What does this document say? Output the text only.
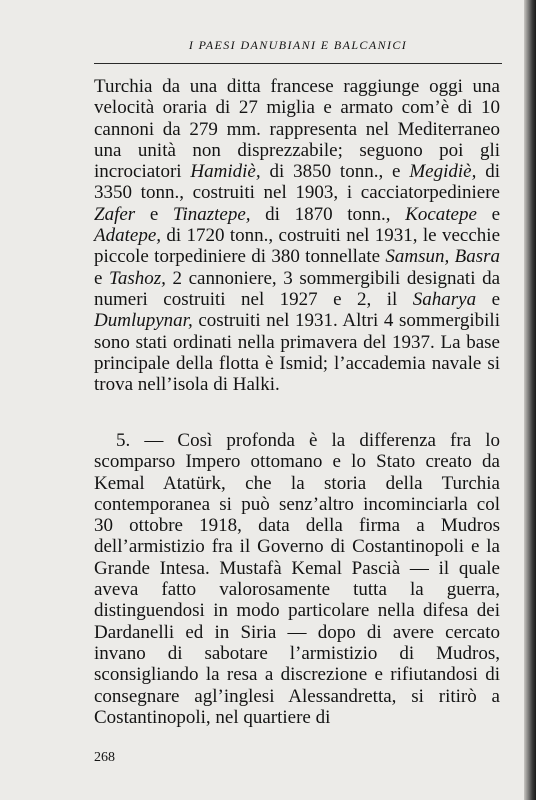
I PAESI DANUBIANI E BALCANICI
Turchia da una ditta francese raggiunge oggi una velocità oraria di 27 miglia e armato com’è di 10 cannoni da 279 mm. rappresenta nel Mediterraneo una unità non disprezzabile; seguono poi gli incrociatori Hamidiè, di 3850 tonn., e Megidiè, di 3350 tonn., costruiti nel 1903, i cacciatorpediniere Zafer e Tinaztepe, di 1870 tonn., Kocatepe e Adatepe, di 1720 tonn., costruiti nel 1931, le vecchie piccole torpediniere di 380 tonnellate Samsun, Basra e Tashoz, 2 cannoniere, 3 sommergibili designati da numeri costruiti nel 1927 e 2, il Saharya e Dumlupynar, costruiti nel 1931. Altri 4 sommergibili sono stati ordinati nella primavera del 1937. La base principale della flotta è Ismid; l’accademia navale si trova nell’isola di Halki.
5. — Così profonda è la differenza fra lo scomparso Impero ottomano e lo Stato creato da Kemal Atatürk, che la storia della Turchia contemporanea si può senz’altro incominciarla col 30 ottobre 1918, data della firma a Mudros dell’armistizio fra il Governo di Costantinopoli e la Grande Intesa. Mustafà Kemal Pascià — il quale aveva fatto valorosamente tutta la guerra, distinguendosi in modo particolare nella difesa dei Dardanelli ed in Siria — dopo di avere cercato invano di sabotare l’armistizio di Mudros, sconsigliando la resa a discrezione e rifiutandosi di consegnare agl’inglesi Alessandretta, si ritirò a Costantinopoli, nel quartiere di
268
